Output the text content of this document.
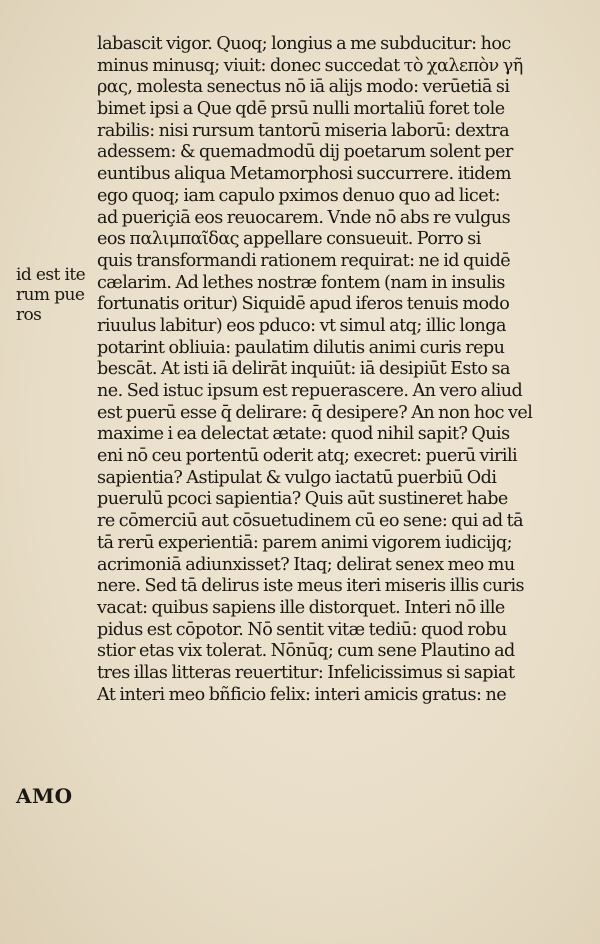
labascit vigor. Quoq; longius a me subducitur: hoc
minus minusq; viuit: donec succedat τὸ χαλεπὸν γῆ
ρας, molesta senectus nō iā alijs modo: verūetiā si
bimet ipsi a Que qdē prsū nulli mortaliū foret tole
rabilis: nisi rursum tantorū miseria laborū: dextra
adessem: & quemadmodū dij poetarum solent per
euntibus aliqua Metamorphosi succurrere. itidem
ego quoq; iam capulo pximos denuo quo ad licet:
ad pueriçiā eos reuocarem. Vnde nō abs re vulgus
eos παλιμπαῖδας appellare consueuit. Porro si
quis transformandi rationem requirat: ne id quidē
cælarim. Ad lethes nostræ fontem (nam in insulis
fortunatis oritur) Siquidē apud iferos tenuis modo
riuulus labitur) eos pduco: vt simul atq; illic longa
potarint obliuia: paulatim dilutis animi curis repu
bescāt. At isti iā delirāt inquiūt: iā desipiūt Esto sa
ne. Sed istuc ipsum est repuerascere. An vero aliud
est puerū esse q̄ delirare: q̄ desipere? An non hoc vel
maxime i ea delectat ætate: quod nihil sapit? Quis
eni nō ceu portentū oderit atq; execret: puerū virili
sapientia? Astipulat & vulgo iactatū puerbiū Odi
puerulū pcoci sapientia? Quis aūt sustineret habe
re cōmerciū aut cōsuetudinem cū eo sene: qui ad tā
tā rerū experientiā: parem animi vigorem iudicijq;
acrimoniā adiunxisset? Itaq; delirat senex meo mu
nere. Sed tā delirus iste meus iteri miseris illis curis
vacat: quibus sapiens ille distorquet. Interi nō ille
pidus est cōpotor. Nō sentit vitæ tediū: quod robu
stior etas vix tolerat. Nōnūq; cum sene Plautino ad
tres illas litteras reuertitur: Infelicissimus si sapiat
At interi meo bñficio felix: interi amicis gratus: ne
id est ite
rum pue
ros
AMO
